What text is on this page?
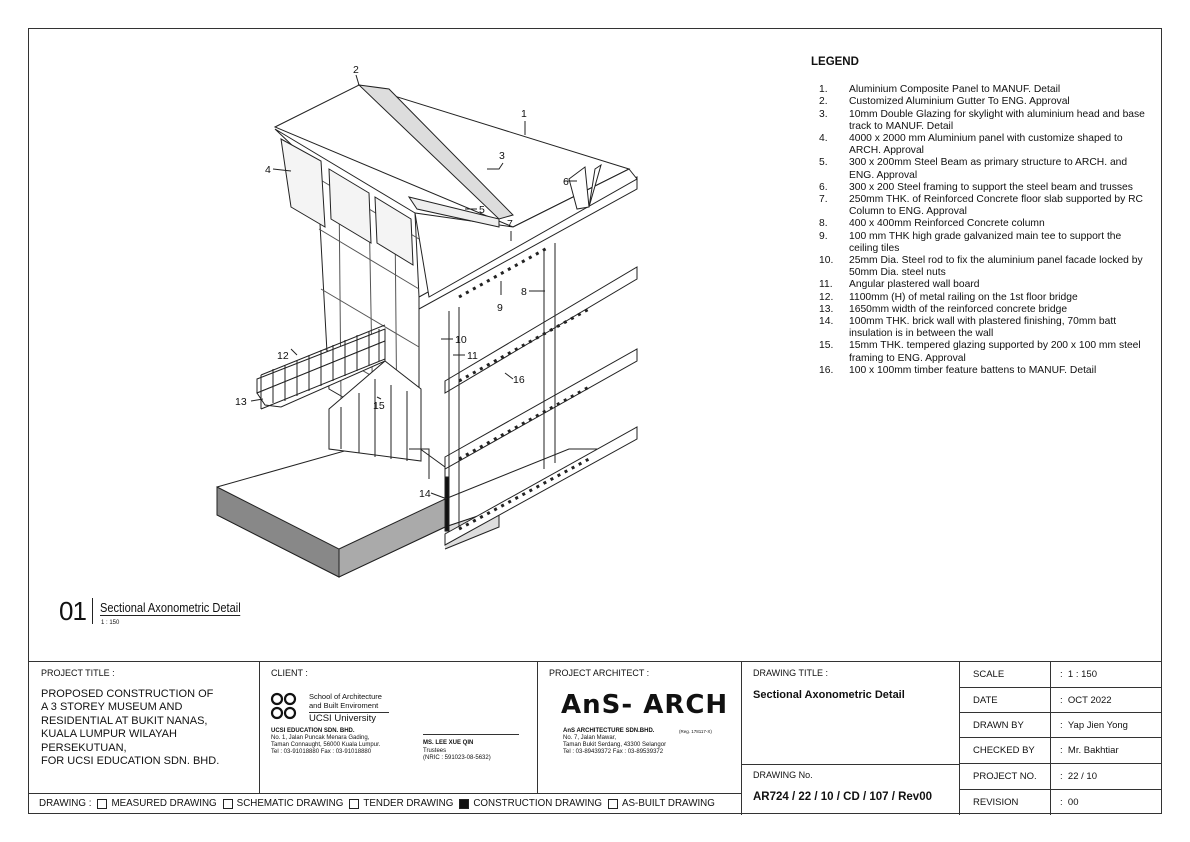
2
1
3
4
6
5
7
8
9
10
11
12
16
13	15
14
LEGEND
1.	Aluminium Composite Panel to MANUF. Detail
2.	Customized Aluminium Gutter To ENG. Approval
3.	10mm Double Glazing for skylight with aluminium head and base track to MANUF. Detail
4.	4000 x 2000 mm Aluminium panel with customize shaped to ARCH. Approval
5.	300 x 200mm Steel Beam as primary structure to ARCH. and ENG. Approval
6.	300 x 200 Steel framing to support the steel beam and trusses
7.	250mm THK. of Reinforced Concrete floor slab supported by RC Column to ENG. Approval
8.	400 x 400mm Reinforced Concrete column
9.	100 mm THK high grade galvanized main tee to support the ceiling tiles
10.	25mm Dia. Steel rod to fix the aluminium panel facade locked by 50mm Dia. steel nuts
11.	Angular plastered wall board
12.	1100mm (H) of metal railing on the 1st floor bridge
13.	1650mm width of the reinforced concrete bridge
14.	100mm THK. brick wall with plastered finishing, 70mm batt insulation is in between the wall
15.	15mm THK. tempered glazing supported by 200 x 100 mm steel framing to ENG. Approval
16.	100 x 100mm timber feature battens to MANUF. Detail
01 Sectional Axonometric Detail
1 : 150
PROJECT TITLE :
PROPOSED CONSTRUCTION OF
A 3 STOREY MUSEUM AND
RESIDENTIAL AT BUKIT NANAS,
KUALA LUMPUR WILAYAH
PERSEKUTUAN,
FOR UCSI EDUCATION SDN. BHD.
CLIENT :
School of Architecture
and Built Enviroment
UCSI University
UCSI EDUCATION SDN. BHD.
No. 1, Jalan Puncak Menara Gading,
Taman Connaught, 56000 Kuala Lumpur.
Tel : 03-91018880 Fax : 03-91018880
MS. LEE XUE QIN
Trustees
(NRIC : 591023-08-5632)
PROJECT ARCHITECT :
AnS- ARCH
AnS ARCHITECTURE SDN.BHD.	(Reg. 178117-X)
No. 7, Jalan Mawar,
Taman Bukit Serdang, 43300 Selangor
Tel : 03-89439372 Fax : 03-89539372
DRAWING TITLE :
Sectional Axonometric Detail
DRAWING No.
AR724 / 22 / 10 / CD / 107 / Rev00
SCALE	:  1 : 150
DATE	:  OCT 2022
DRAWN BY	:  Yap Jien Yong
CHECKED BY	:  Mr. Bakhtiar
PROJECT NO. :  22 / 10
REVISION	:  00
DRAWING : MEASURED DRAWING SCHEMATIC DRAWING TENDER DRAWING CONSTRUCTION DRAWING AS-BUILT DRAWING
